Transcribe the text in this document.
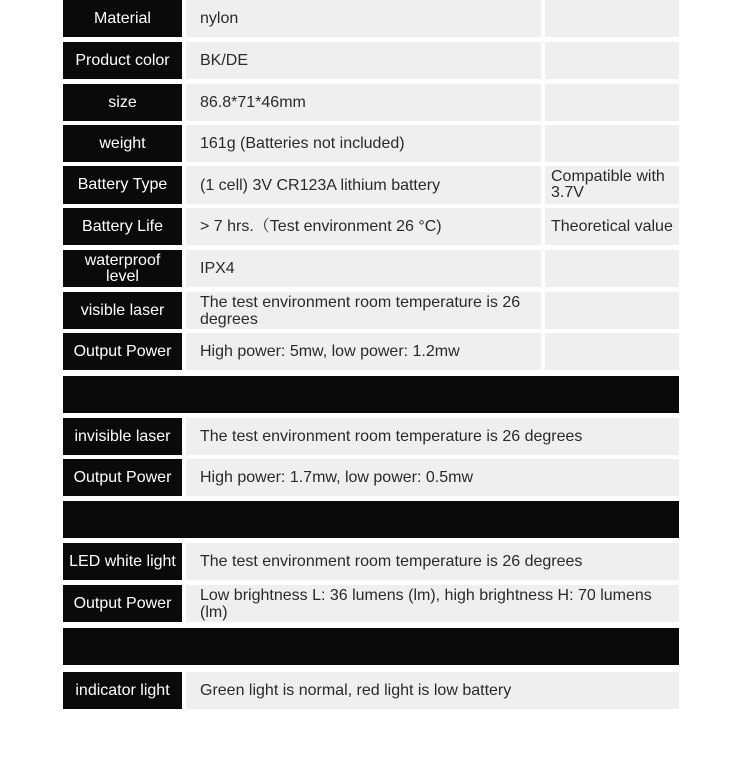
Material	nylon
Product color	BK/DE
size	86.8*71*46mm
weight	161g (Batteries not included)
Battery Type	(1 cell) 3V CR123A lithium battery	Compatible with 3.7V
Battery Life	> 7 hrs.（Test environment 26 °C)	Theoretical value
waterproof level	IPX4
visible laser	The test environment room temperature is 26 degrees
Output Power	High power: 5mw, low power: 1.2mw
invisible laser	The test environment room temperature is 26 degrees
Output Power	High power: 1.7mw, low power: 0.5mw
LED white light	The test environment room temperature is 26 degrees
Output Power	Low brightness L: 36 lumens (lm), high brightness H: 70 lumens (lm)
indicator light	Green light is normal, red light is low battery
